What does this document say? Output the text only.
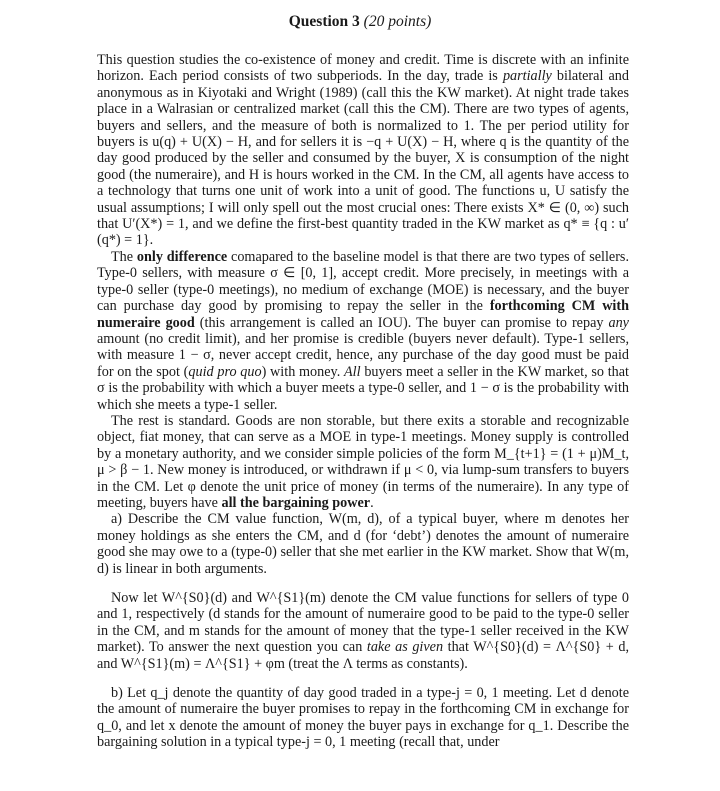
Question 3 (20 points)

This question studies the co-existence of money and credit. Time is discrete with an infinite horizon. Each period consists of two subperiods. In the day, trade is partially bilateral and anonymous as in Kiyotaki and Wright (1989) (call this the KW market). At night trade takes place in a Walrasian or centralized market (call this the CM). There are two types of agents, buyers and sellers, and the measure of both is normalized to 1. The per period utility for buyers is u(q) + U(X) − H, and for sellers it is −q + U(X) − H, where q is the quantity of the day good produced by the seller and consumed by the buyer, X is consumption of the night good (the numeraire), and H is hours worked in the CM. In the CM, all agents have access to a technology that turns one unit of work into a unit of good. The functions u, U satisfy the usual assumptions; I will only spell out the most crucial ones: There exists X* ∈ (0, ∞) such that U′(X*) = 1, and we define the first-best quantity traded in the KW market as q* ≡ {q : u′(q*) = 1}.

The only difference comapared to the baseline model is that there are two types of sellers. Type-0 sellers, with measure σ ∈ [0, 1], accept credit. More precisely, in meetings with a type-0 seller (type-0 meetings), no medium of exchange (MOE) is necessary, and the buyer can purchase day good by promising to repay the seller in the forthcoming CM with numeraire good (this arrangement is called an IOU). The buyer can promise to repay any amount (no credit limit), and her promise is credible (buyers never default). Type-1 sellers, with measure 1 − σ, never accept credit, hence, any purchase of the day good must be paid for on the spot (quid pro quo) with money. All buyers meet a seller in the KW market, so that σ is the probability with which a buyer meets a type-0 seller, and 1 − σ is the probability with which she meets a type-1 seller.

The rest is standard. Goods are non storable, but there exits a storable and recognizable object, fiat money, that can serve as a MOE in type-1 meetings. Money supply is controlled by a monetary authority, and we consider simple policies of the form M_{t+1} = (1 + μ)M_t, μ > β − 1. New money is introduced, or withdrawn if μ < 0, via lump-sum transfers to buyers in the CM. Let φ denote the unit price of money (in terms of the numeraire). In any type of meeting, buyers have all the bargaining power.

a) Describe the CM value function, W(m, d), of a typical buyer, where m denotes her money holdings as she enters the CM, and d (for ‘debt’) denotes the amount of numeraire good she may owe to a (type-0) seller that she met earlier in the KW market. Show that W(m, d) is linear in both arguments.

Now let W^{S0}(d) and W^{S1}(m) denote the CM value functions for sellers of type 0 and 1, respectively (d stands for the amount of numeraire good to be paid to the type-0 seller in the CM, and m stands for the amount of money that the type-1 seller received in the KW market). To answer the next question you can take as given that W^{S0}(d) = Λ^{S0} + d, and W^{S1}(m) = Λ^{S1} + φm (treat the Λ terms as constants).

b) Let q_j denote the quantity of day good traded in a type-j = 0, 1 meeting. Let d denote the amount of numeraire the buyer promises to repay in the forthcoming CM in exchange for q_0, and let x denote the amount of money the buyer pays in exchange for q_1. Describe the bargaining solution in a typical type-j = 0, 1 meeting (recall that, under
